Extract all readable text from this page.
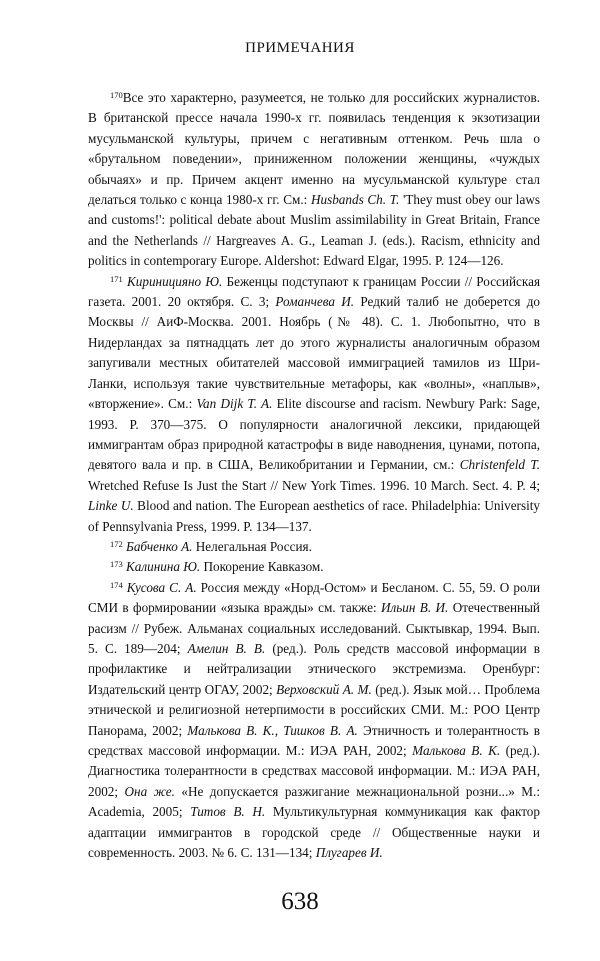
ПРИМЕЧАНИЯ

$^{170}$Все это характерно, разумеется, не только для российских журналистов. В британской прессе начала 1990-х гг. появилась тенденция к экзотизации мусульманской культуры, причем с негативным оттенком. Речь шла о «брутальном поведении», приниженном положении женщины, «чуждых обычаях» и пр. Причем акцент именно на мусульманской культуре стал делаться только с конца 1980-х гг. См.: Husbands Ch. T. 'They must obey our laws and customs!': political debate about Muslim assimilability in Great Britain, France and the Netherlands // Hargreaves A. G., Leaman J. (eds.). Racism, ethnicity and politics in contemporary Europe. Aldershot: Edward Elgar, 1995. P. 124—126.

$^{171}$ Кириницияно Ю. Беженцы подступают к границам России // Российская газета. 2001. 20 октября. С. 3; Романчева И. Редкий талиб не доберется до Москвы // АиФ-Москва. 2001. Ноябрь (№ 48). С. 1. Любопытно, что в Нидерландах за пятнадцать лет до этого журналисты аналогичным образом запугивали местных обитателей массовой иммиграцией тамилов из Шри-Ланки, используя такие чувствительные метафоры, как «волны», «наплыв», «вторжение». См.: Van Dijk T. A. Elite discourse and racism. Newbury Park: Sage, 1993. P. 370—375. О популярности аналогичной лексики, придающей иммигрантам образ природной катастрофы в виде наводнения, цунами, потопа, девятого вала и пр. в США, Великобритании и Германии, см.: Christenfeld T. Wretched Refuse Is Just the Start // New York Times. 1996. 10 March. Sect. 4. P. 4; Linke U. Blood and nation. The European aesthetics of race. Philadelphia: University of Pennsylvania Press, 1999. P. 134—137.

$^{172}$ Бабченко А. Нелегальная Россия.

$^{173}$ Калинина Ю. Покорение Кавказом.

$^{174}$ Кусова С. А. Россия между «Норд-Остом» и Бесланом. С. 55, 59. О роли СМИ в формировании «языка вражды» см. также: Ильин В. И. Отечественный расизм // Рубеж. Альманах социальных исследований. Сыктывкар, 1994. Вып. 5. С. 189—204; Амелин В. В. (ред.). Роль средств массовой информации в профилактике и нейтрализации этнического экстремизма. Оренбург: Издательский центр ОГАУ, 2002; Верховский А. М. (ред.). Язык мой… Проблема этнической и религиозной нетерпимости в российских СМИ. М.: РОО Центр Панорама, 2002; Малькова В. К., Тишков В. А. Этничность и толерантность в средствах массовой информации. М.: ИЭА РАН, 2002; Малькова В. К. (ред.). Диагностика толерантности в средствах массовой информации. М.: ИЭА РАН, 2002; Она же. «Не допускается разжигание межнациональной розни...» М.: Academia, 2005; Титов В. Н. Мультикультурная коммуникация как фактор адаптации иммигрантов в городской среде // Общественные науки и современность. 2003. № 6. С. 131—134; Плугарев И.

638
